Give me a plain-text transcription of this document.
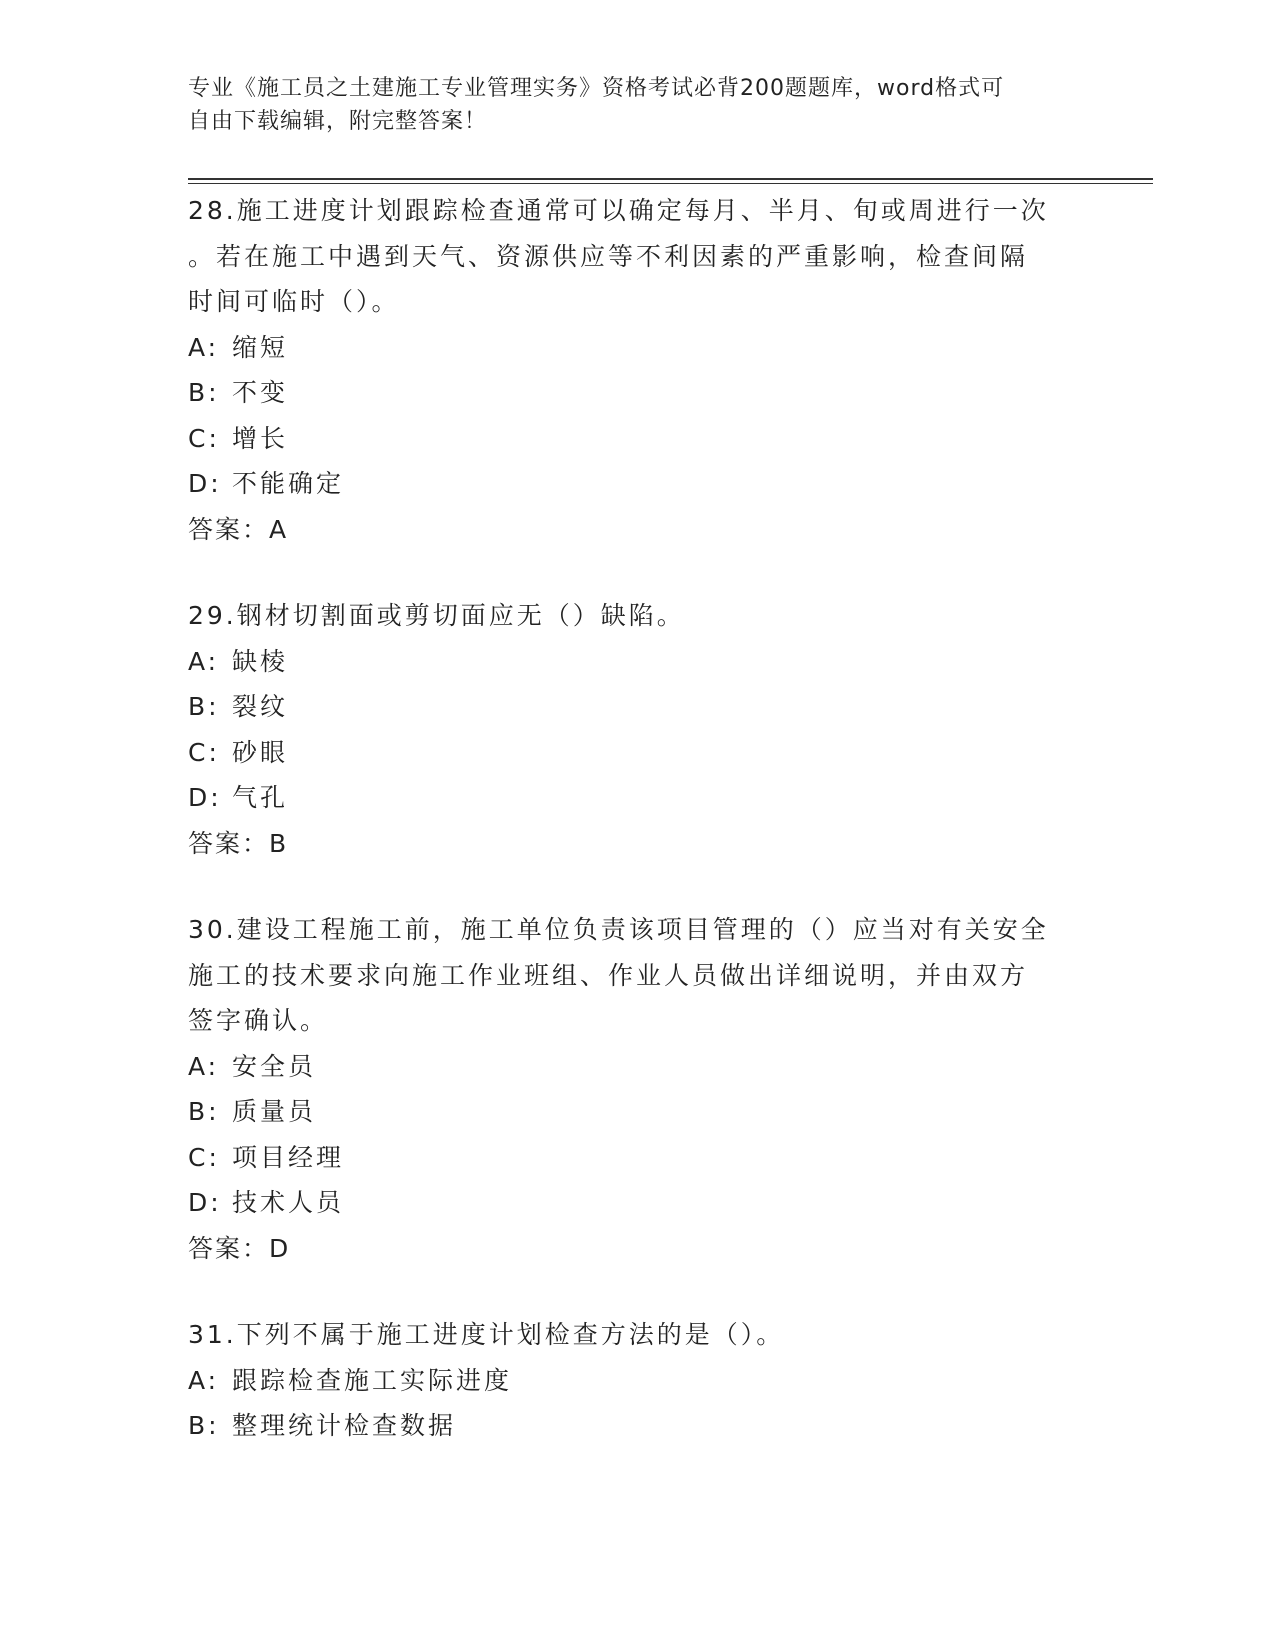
专业《施工员之土建施工专业管理实务》资格考试必背200题题库，word格式可
自由下载编辑，附完整答案！

28.施工进度计划跟踪检查通常可以确定每月、半月、旬或周进行一次

。若在施工中遇到天气、资源供应等不利因素的严重影响，检查间隔

时间可临时（）。

A: 缩短

B: 不变

C: 增长

D: 不能确定

答案：A

29.钢材切割面或剪切面应无（）缺陷。

A: 缺棱

B: 裂纹

C: 砂眼

D: 气孔

答案：B

30.建设工程施工前，施工单位负责该项目管理的（）应当对有关安全

施工的技术要求向施工作业班组、作业人员做出详细说明，并由双方

签字确认。

A: 安全员

B: 质量员

C: 项目经理

D: 技术人员

答案：D

31.下列不属于施工进度计划检查方法的是（）。

A: 跟踪检查施工实际进度

B: 整理统计检查数据
